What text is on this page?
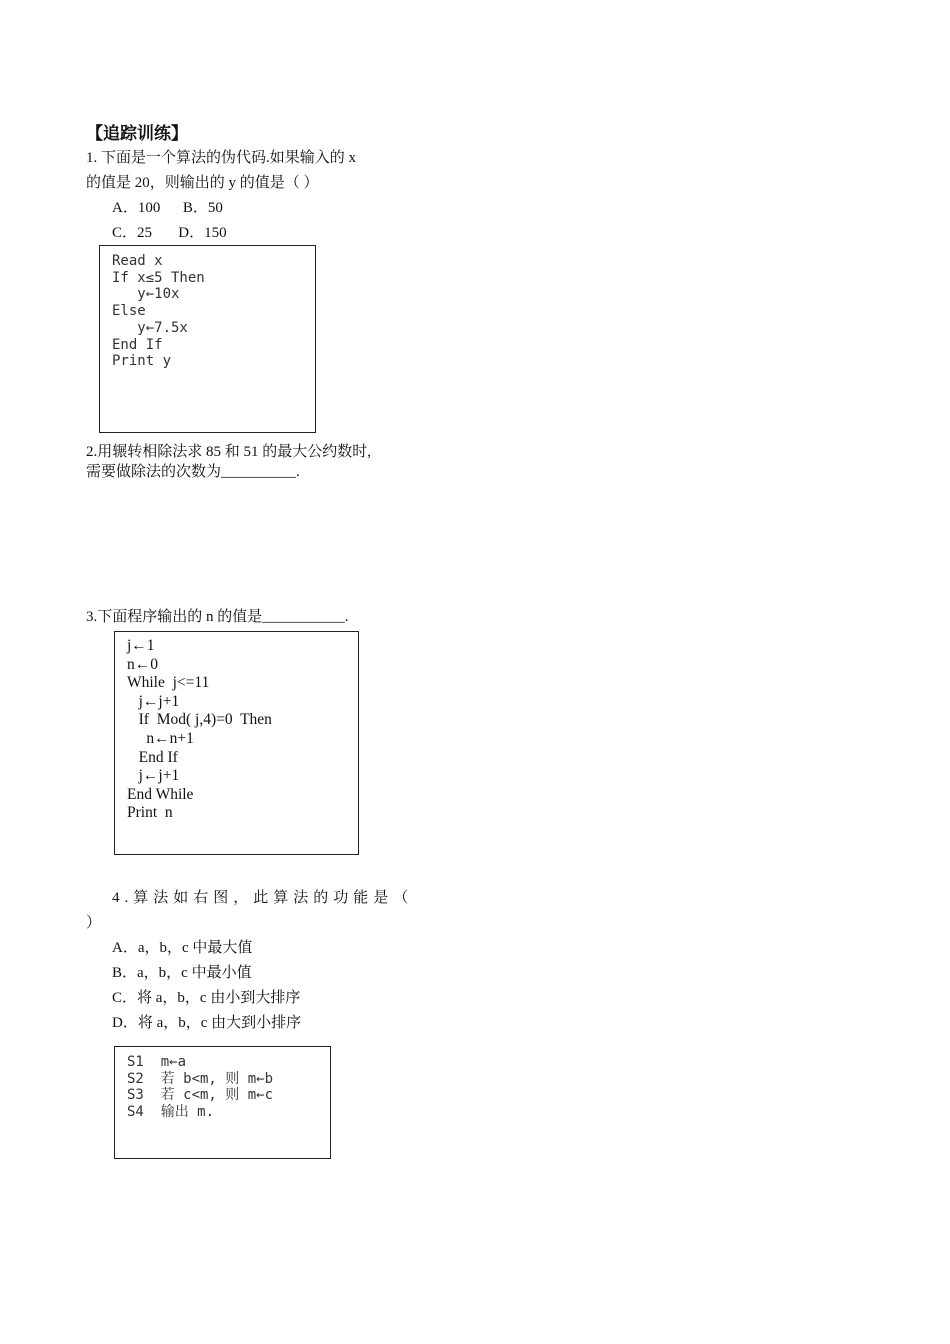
【追踪训练】
1. 下面是一个算法的伪代码.如果输入的 x
的值是 20，则输出的 y 的值是（ ）
A．100      B．50
C．25       D．150
Read x
If x≤5 Then
y←10x
Else
y←7.5x
End If
Print y
2.用辗转相除法求 85 和 51 的最大公约数时,
需要做除法的次数为__________.
3.下面程序输出的 n 的值是___________.
j←1
n←0
While  j<=11
j←j+1
If  Mod( j,4)=0  Then
n←n+1
End If
j←j+1
End While
Print  n
4.算法如右图，此算法的功能是（
）
A．a，b，c 中最大值
B．a，b，c 中最小值
C．将 a，b，c 由小到大排序
D．将 a，b，c 由大到小排序
S1  m←a
S2  若 b<m, 则 m←b
S3  若 c<m, 则 m←c
S4  输出 m.
